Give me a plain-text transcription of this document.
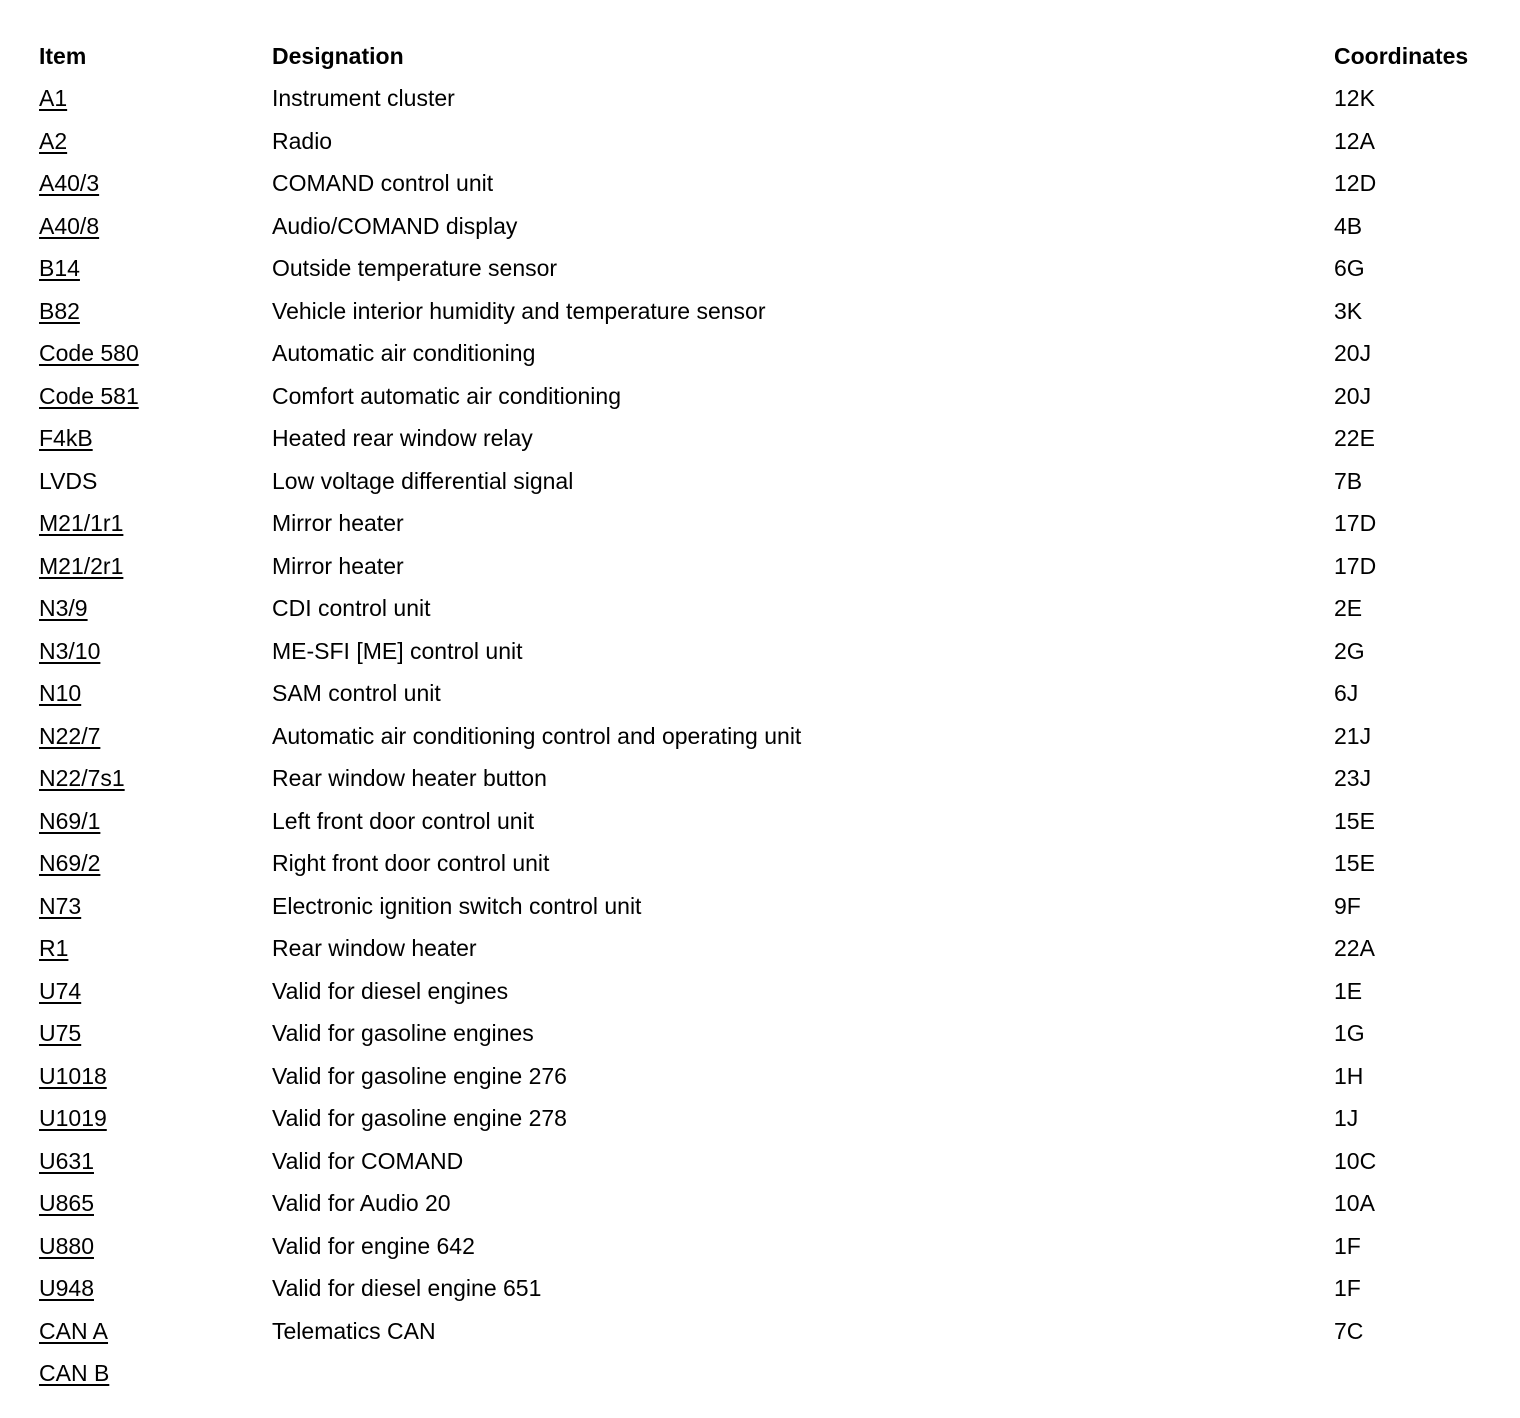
Item	Designation	Coordinates
A1	Instrument cluster	12K
A2	Radio	12A
A40/3	COMAND control unit	12D
A40/8	Audio/COMAND display	4B
B14	Outside temperature sensor	6G
B82	Vehicle interior humidity and temperature sensor	3K
Code 580	Automatic air conditioning	20J
Code 581	Comfort automatic air conditioning	20J
F4kB	Heated rear window relay	22E
LVDS	Low voltage differential signal	7B
M21/1r1	Mirror heater	17D
M21/2r1	Mirror heater	17D
N3/9	CDI control unit	2E
N3/10	ME-SFI [ME] control unit	2G
N10	SAM control unit	6J
N22/7	Automatic air conditioning control and operating unit	21J
N22/7s1	Rear window heater button	23J
N69/1	Left front door control unit	15E
N69/2	Right front door control unit	15E
N73	Electronic ignition switch control unit	9F
R1	Rear window heater	22A
U74	Valid for diesel engines	1E
U75	Valid for gasoline engines	1G
U1018	Valid for gasoline engine 276	1H
U1019	Valid for gasoline engine 278	1J
U631	Valid for COMAND	10C
U865	Valid for Audio 20	10A
U880	Valid for engine 642	1F
U948	Valid for diesel engine 651	1F
CAN A	Telematics CAN	7C
CAN B		
